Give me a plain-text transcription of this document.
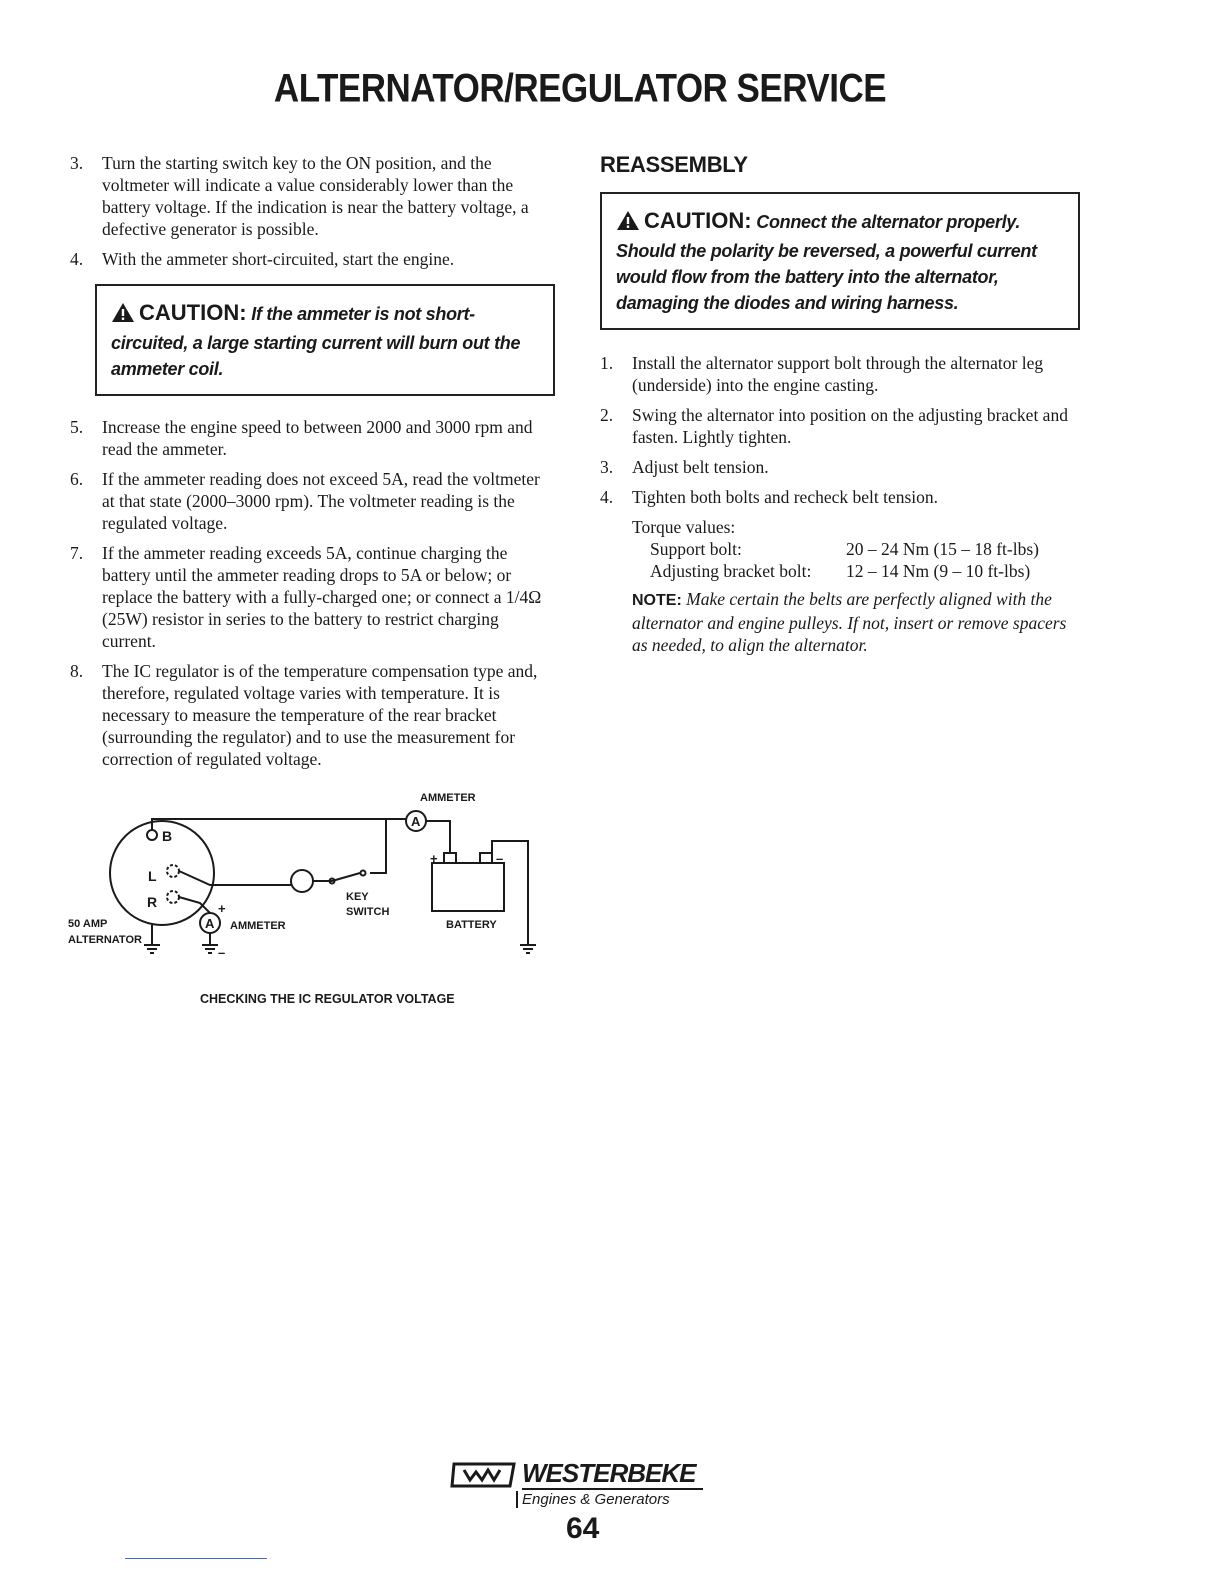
ALTERNATOR/REGULATOR SERVICE
3.	Turn the starting switch key to the ON position, and the voltmeter will indicate a value considerably lower than the battery voltage. If the indication is near the battery voltage, a defective generator is possible.
4.	With the ammeter short-circuited, start the engine.
CAUTION: If the ammeter is not short-circuited, a large starting current will burn out the ammeter coil.
5.	Increase the engine speed to between 2000 and 3000 rpm and read the ammeter.
6.	If the ammeter reading does not exceed 5A, read the voltmeter at that state (2000–3000 rpm). The voltmeter reading is the regulated voltage.
7.	If the ammeter reading exceeds 5A, continue charging the battery until the ammeter reading drops to 5A or below; or replace the battery with a fully-charged one; or connect a 1/4Ω (25W) resistor in series to the battery to restrict charging current.
8.	The IC regulator is of the temperature compensation type and, therefore, regulated voltage varies with temperature. It is necessary to measure the temperature of the rear bracket (surrounding the regulator) and to use the measurement for correction of regulated voltage.
AMMETER
A
B
L
R
A AMMETER
KEY
SWITCH
BATTERY
+	–
+
–
50 AMP
ALTERNATOR
CHECKING THE IC REGULATOR VOLTAGE
REASSEMBLY
CAUTION: Connect the alternator properly. Should the polarity be reversed, a powerful current would flow from the battery into the alternator, damaging the diodes and wiring harness.
1.	Install the alternator support bolt through the alternator leg (underside) into the engine casting.
2.	Swing the alternator into position on the adjusting bracket and fasten. Lightly tighten.
3.	Adjust belt tension.
4.	Tighten both bolts and recheck belt tension.
Torque values:
Support bolt:	20 – 24 Nm (15 – 18 ft-lbs)
Adjusting bracket bolt:	12 – 14 Nm (9 – 10 ft-lbs)
NOTE: Make certain the belts are perfectly aligned with the alternator and engine pulleys. If not, insert or remove spacers as needed, to align the alternator.
WESTERBEKE
Engines & Generators
64
